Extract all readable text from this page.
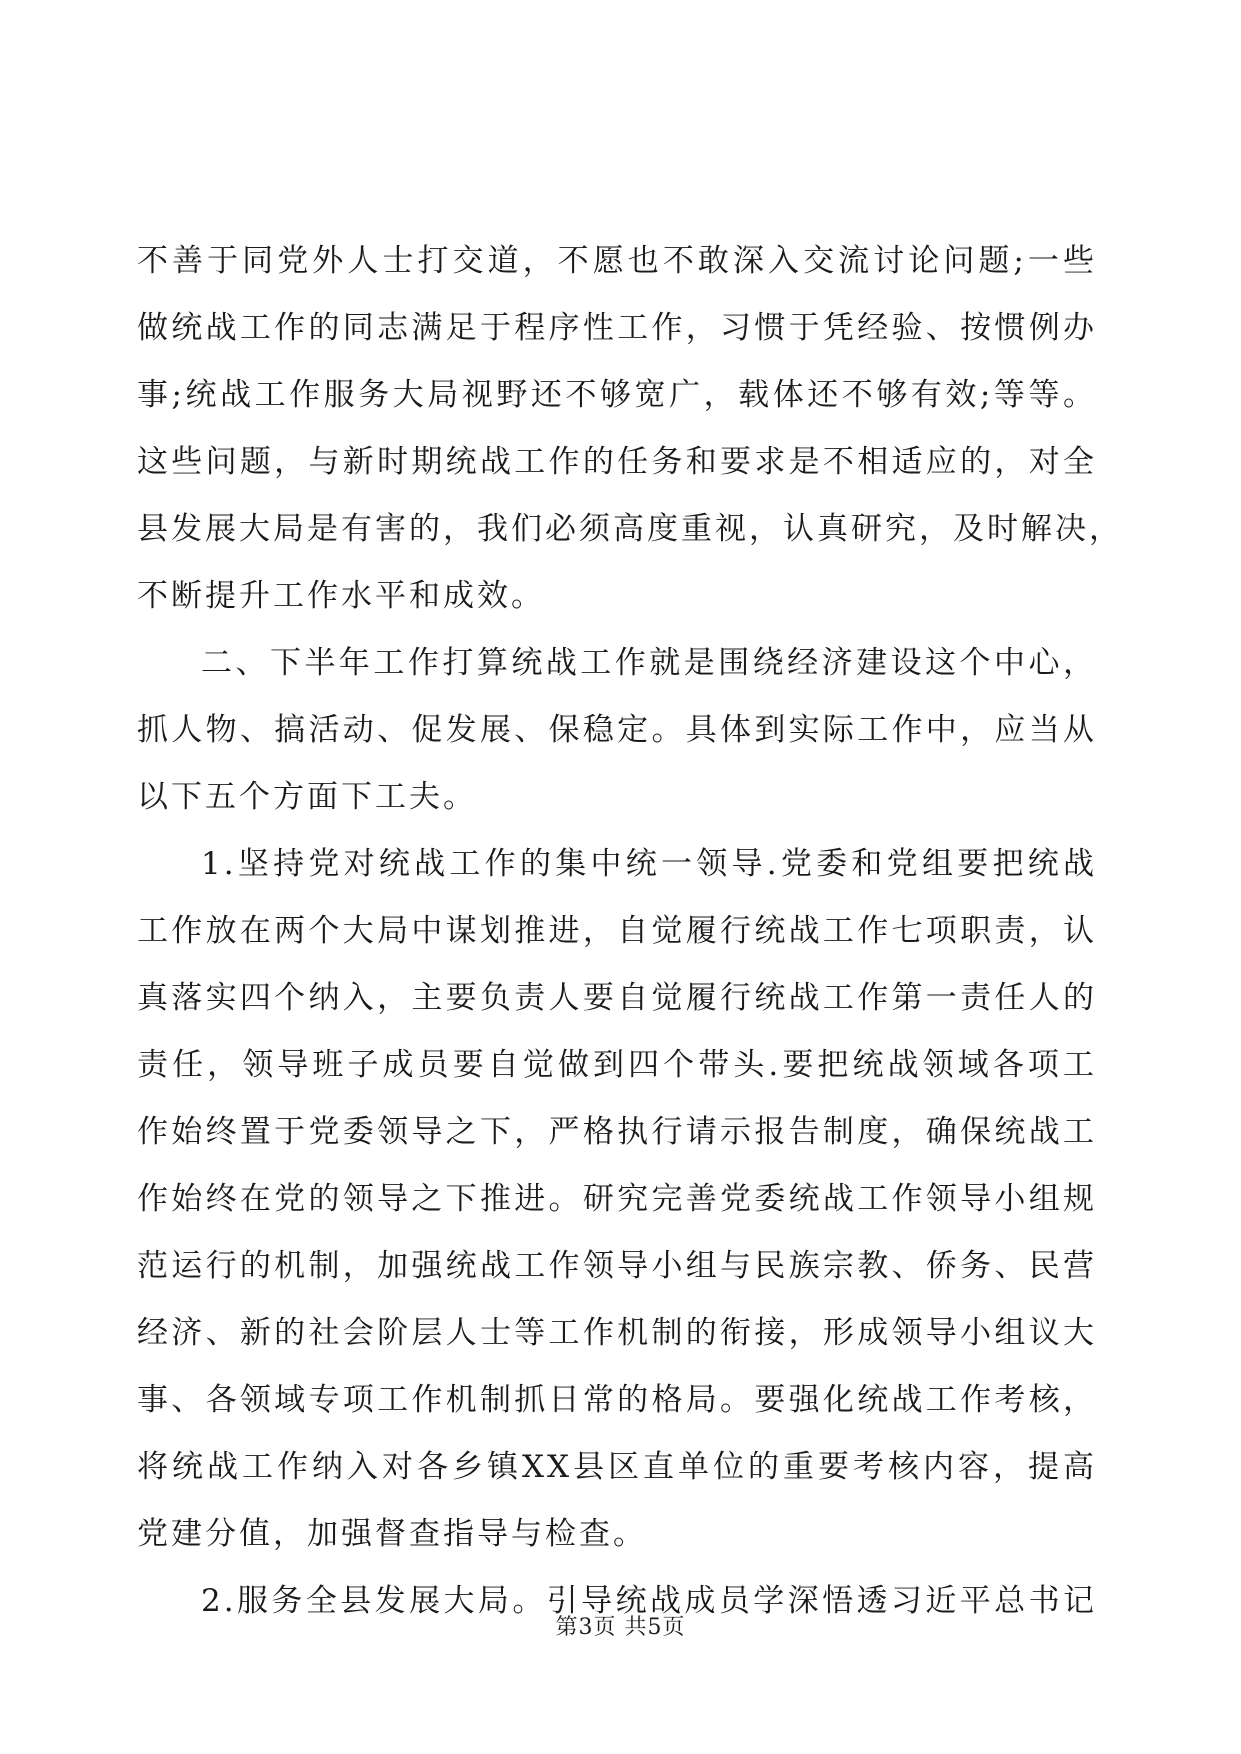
不善于同党外人士打交道，不愿也不敢深入交流讨论问题;一些
做统战工作的同志满足于程序性工作，习惯于凭经验、按惯例办
事;统战工作服务大局视野还不够宽广，载体还不够有效;等等。
这些问题，与新时期统战工作的任务和要求是不相适应的，对全
县发展大局是有害的，我们必须高度重视，认真研究，及时解决，
不断提升工作水平和成效。
二、下半年工作打算统战工作就是围绕经济建设这个中心，
抓人物、搞活动、促发展、保稳定。具体到实际工作中，应当从
以下五个方面下工夫。
1.坚持党对统战工作的集中统一领导.党委和党组要把统战
工作放在两个大局中谋划推进，自觉履行统战工作七项职责，认
真落实四个纳入，主要负责人要自觉履行统战工作第一责任人的
责任，领导班子成员要自觉做到四个带头.要把统战领域各项工
作始终置于党委领导之下，严格执行请示报告制度，确保统战工
作始终在党的领导之下推进。研究完善党委统战工作领导小组规
范运行的机制，加强统战工作领导小组与民族宗教、侨务、民营
经济、新的社会阶层人士等工作机制的衔接，形成领导小组议大
事、各领域专项工作机制抓日常的格局。要强化统战工作考核，
将统战工作纳入对各乡镇XX县区直单位的重要考核内容，提高
党建分值，加强督查指导与检查。
2.服务全县发展大局。引导统战成员学深悟透习近平总书记
第3页 共5页
